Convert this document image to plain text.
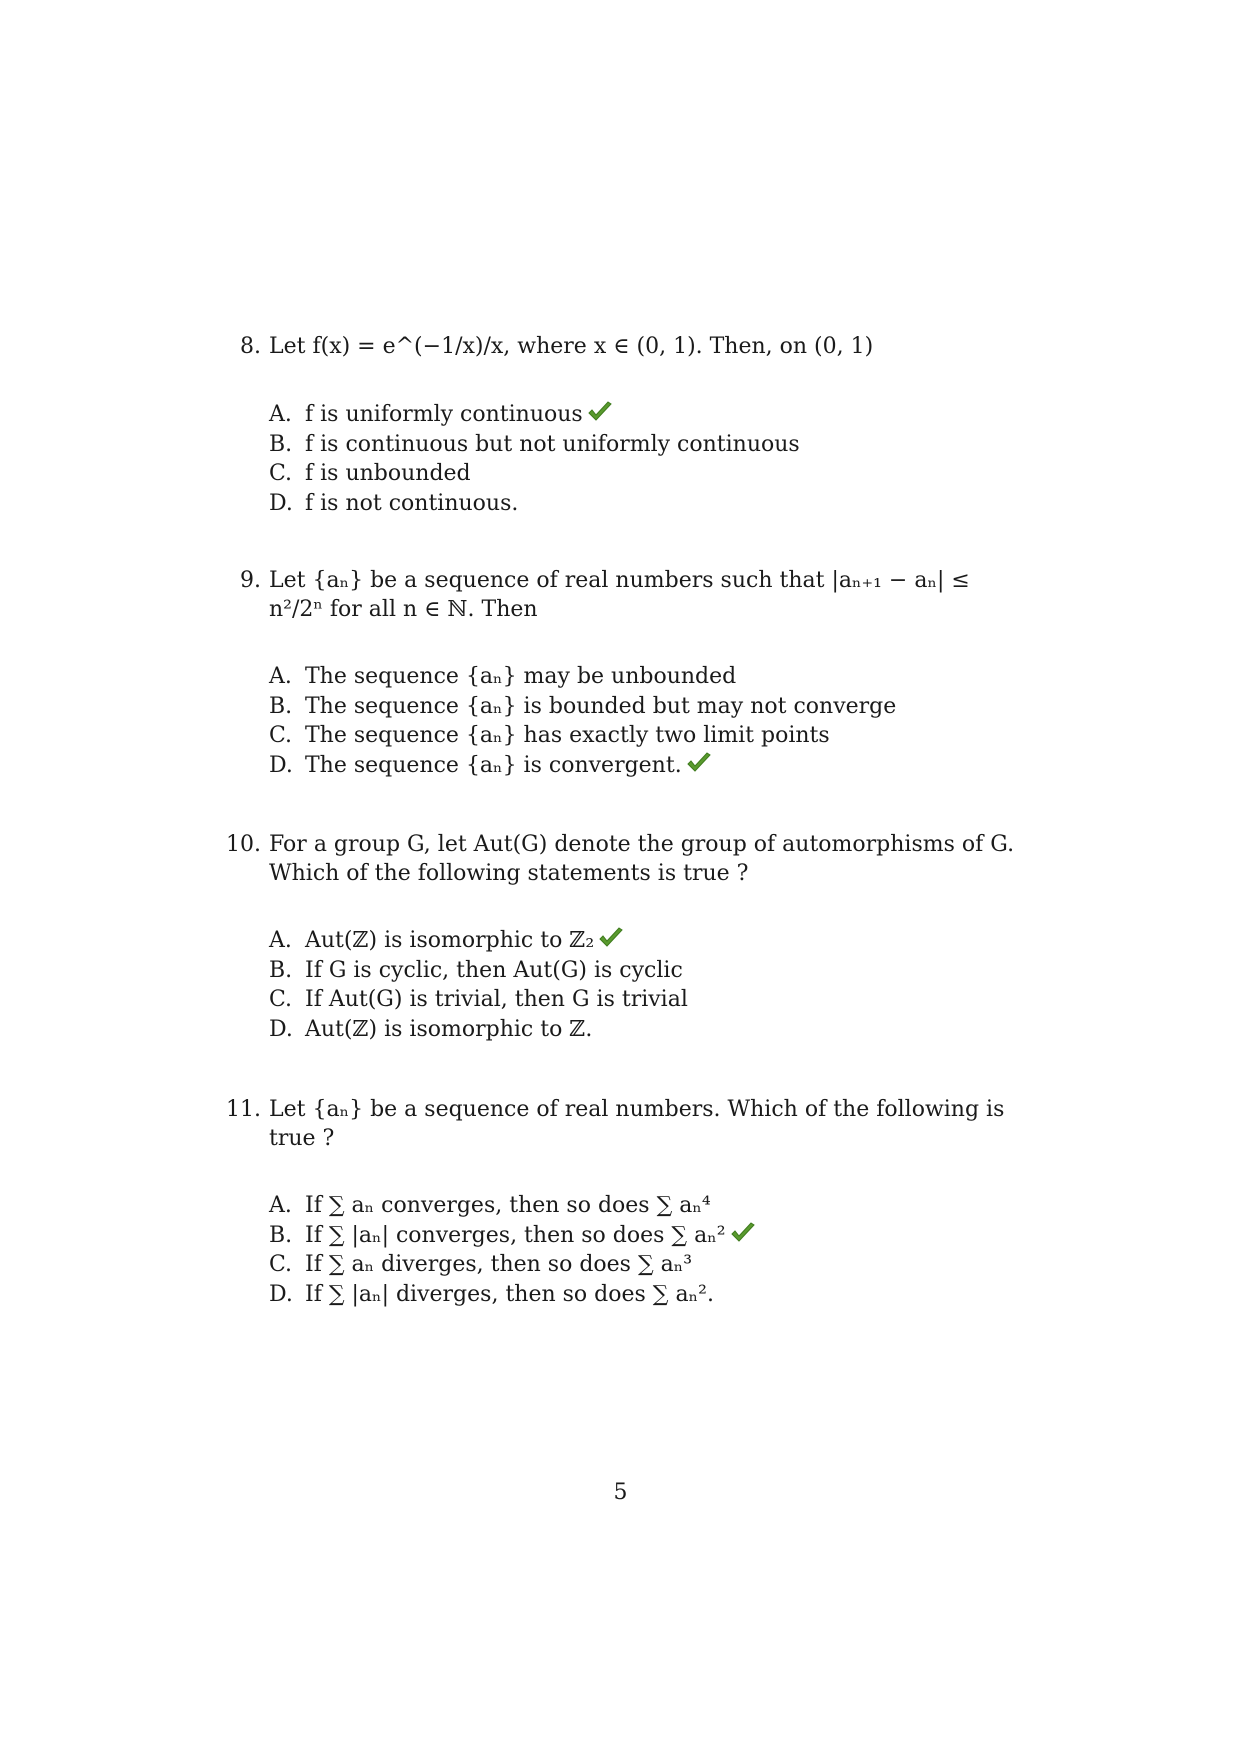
8. Let f(x) = e^(−1/x)/x, where x ∈ (0, 1). Then, on (0, 1)
A. f is uniformly continuous
B. f is continuous but not uniformly continuous
C. f is unbounded
D. f is not continuous.
9. Let {aₙ} be a sequence of real numbers such that |aₙ₊₁ − aₙ| ≤ n²/2ⁿ for all n ∈ ℕ. Then
A. The sequence {aₙ} may be unbounded
B. The sequence {aₙ} is bounded but may not converge
C. The sequence {aₙ} has exactly two limit points
D. The sequence {aₙ} is convergent.
10. For a group G, let Aut(G) denote the group of automorphisms of G. Which of the following statements is true ?
A. Aut(ℤ) is isomorphic to ℤ₂
B. If G is cyclic, then Aut(G) is cyclic
C. If Aut(G) is trivial, then G is trivial
D. Aut(ℤ) is isomorphic to ℤ.
11. Let {aₙ} be a sequence of real numbers. Which of the following is true ?
A. If ∑ aₙ converges, then so does ∑ aₙ⁴
B. If ∑ |aₙ| converges, then so does ∑ aₙ²
C. If ∑ aₙ diverges, then so does ∑ aₙ³
D. If ∑ |aₙ| diverges, then so does ∑ aₙ².
5
